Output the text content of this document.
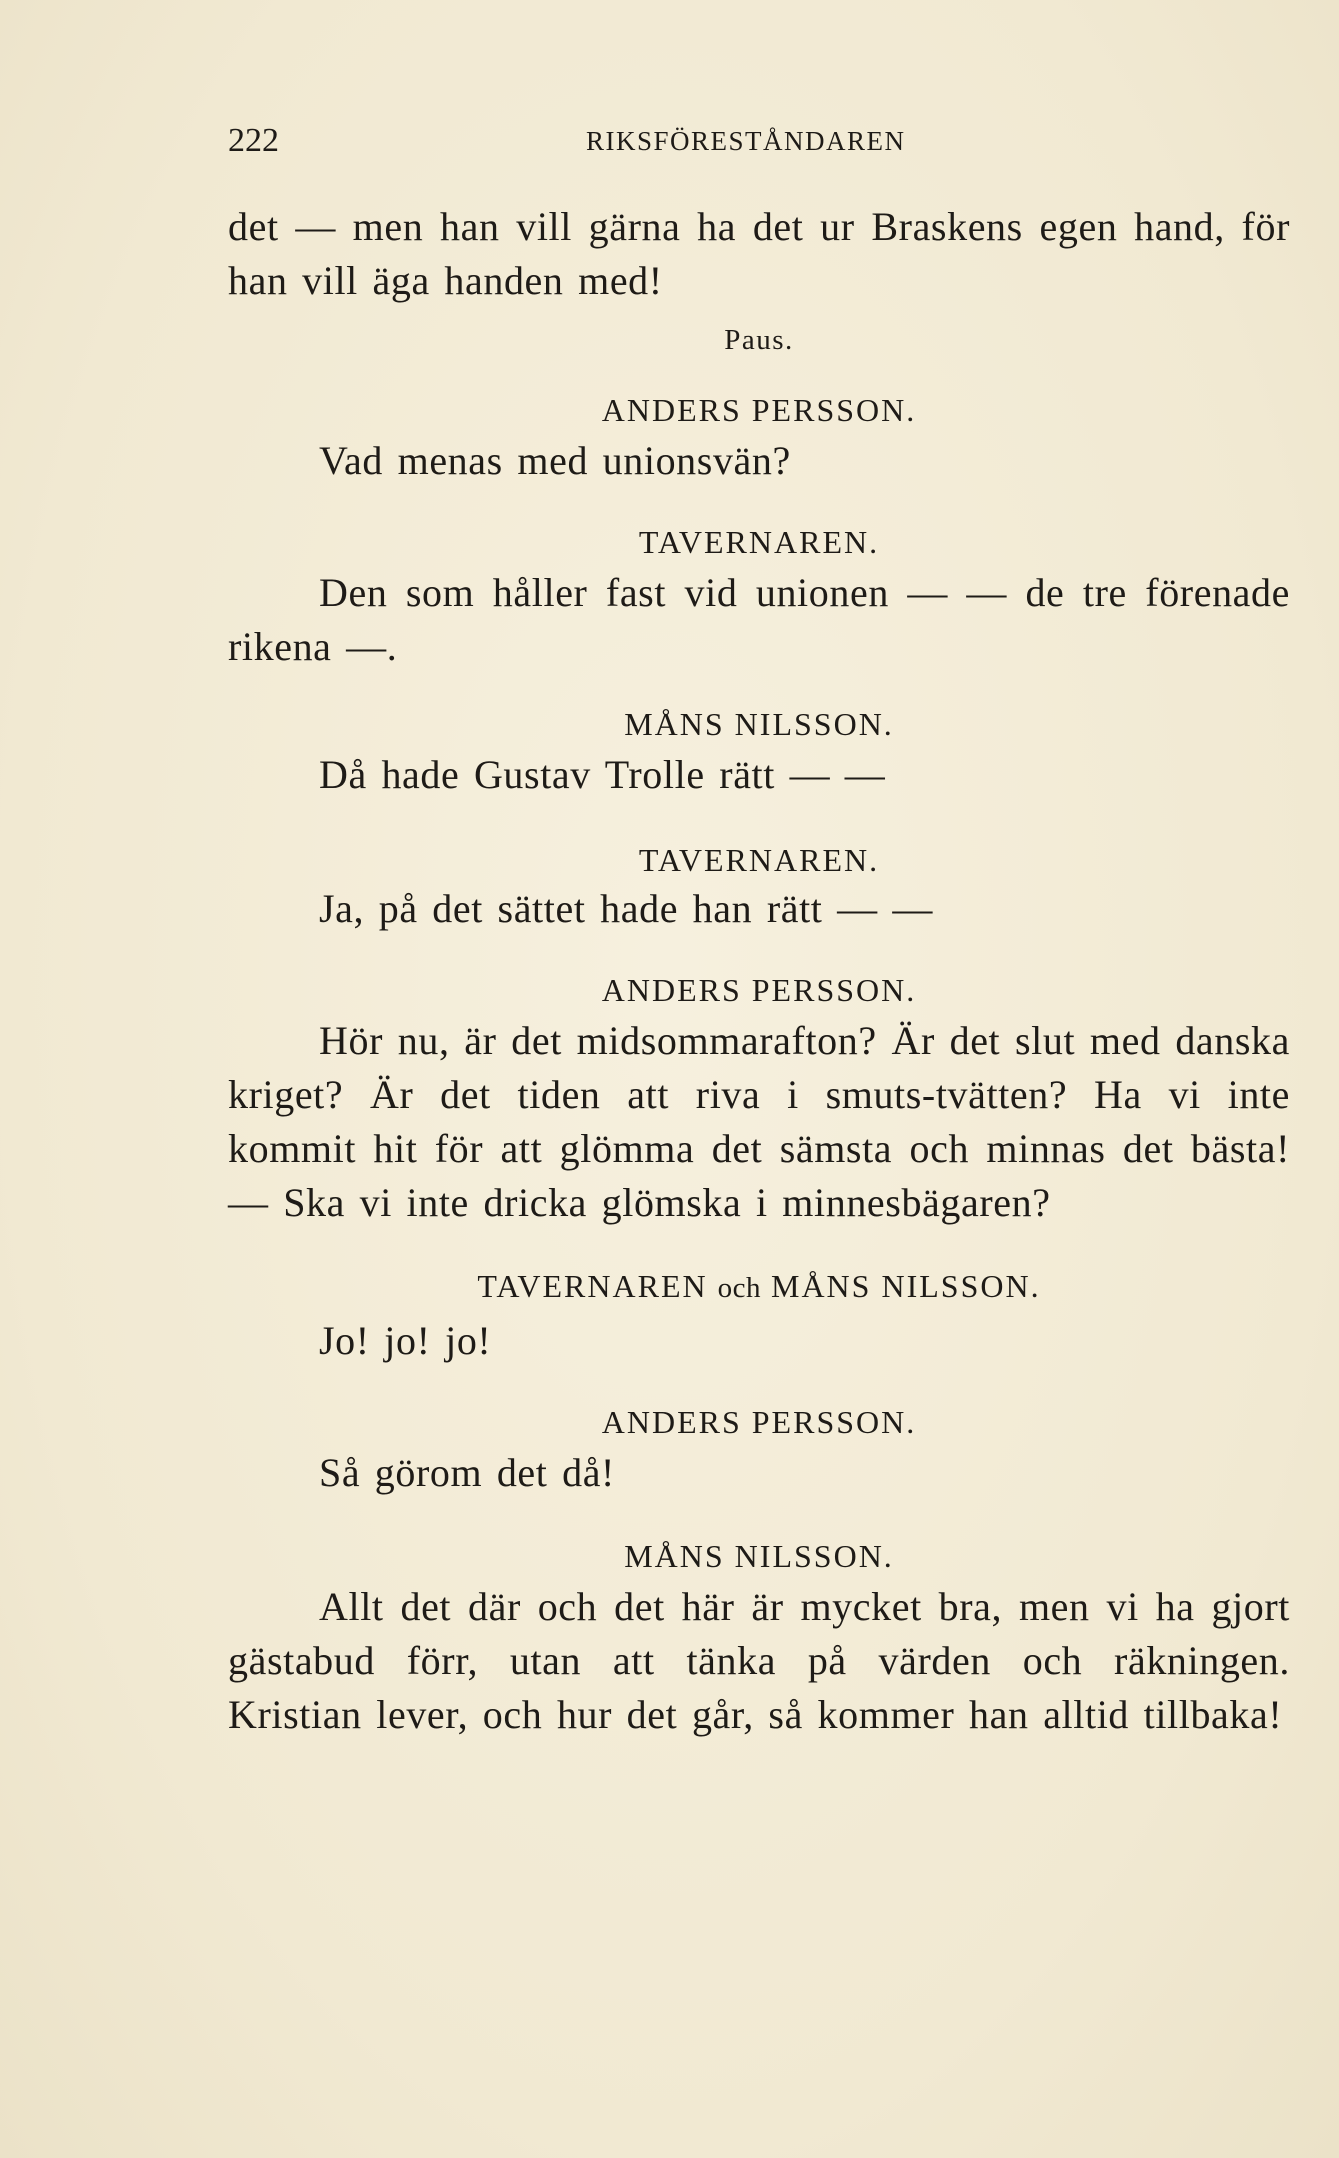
222	RIKSFÖRESTÅNDAREN

det — men han vill gärna ha det ur Braskens egen hand, för han vill äga handen med!

Paus.

ANDERS PERSSON.

Vad menas med unionsvän?

TAVERNAREN.

Den som håller fast vid unionen — — de tre förenade rikena —.

MÅNS NILSSON.

Då hade Gustav Trolle rätt — —

TAVERNAREN.

Ja, på det sättet hade han rätt — —

ANDERS PERSSON.

Hör nu, är det midsommarafton? Är det slut med danska kriget? Är det tiden att riva i smuts-tvätten? Ha vi inte kommit hit för att glömma det sämsta och minnas det bästa! — Ska vi inte dricka glömska i minnesbägaren?

TAVERNAREN och MÅNS NILSSON.

Jo! jo! jo!

ANDERS PERSSON.

Så görom det då!

MÅNS NILSSON.

Allt det där och det här är mycket bra, men vi ha gjort gästabud förr, utan att tänka på värden och räkningen. Kristian lever, och hur det går, så kommer han alltid tillbaka!
